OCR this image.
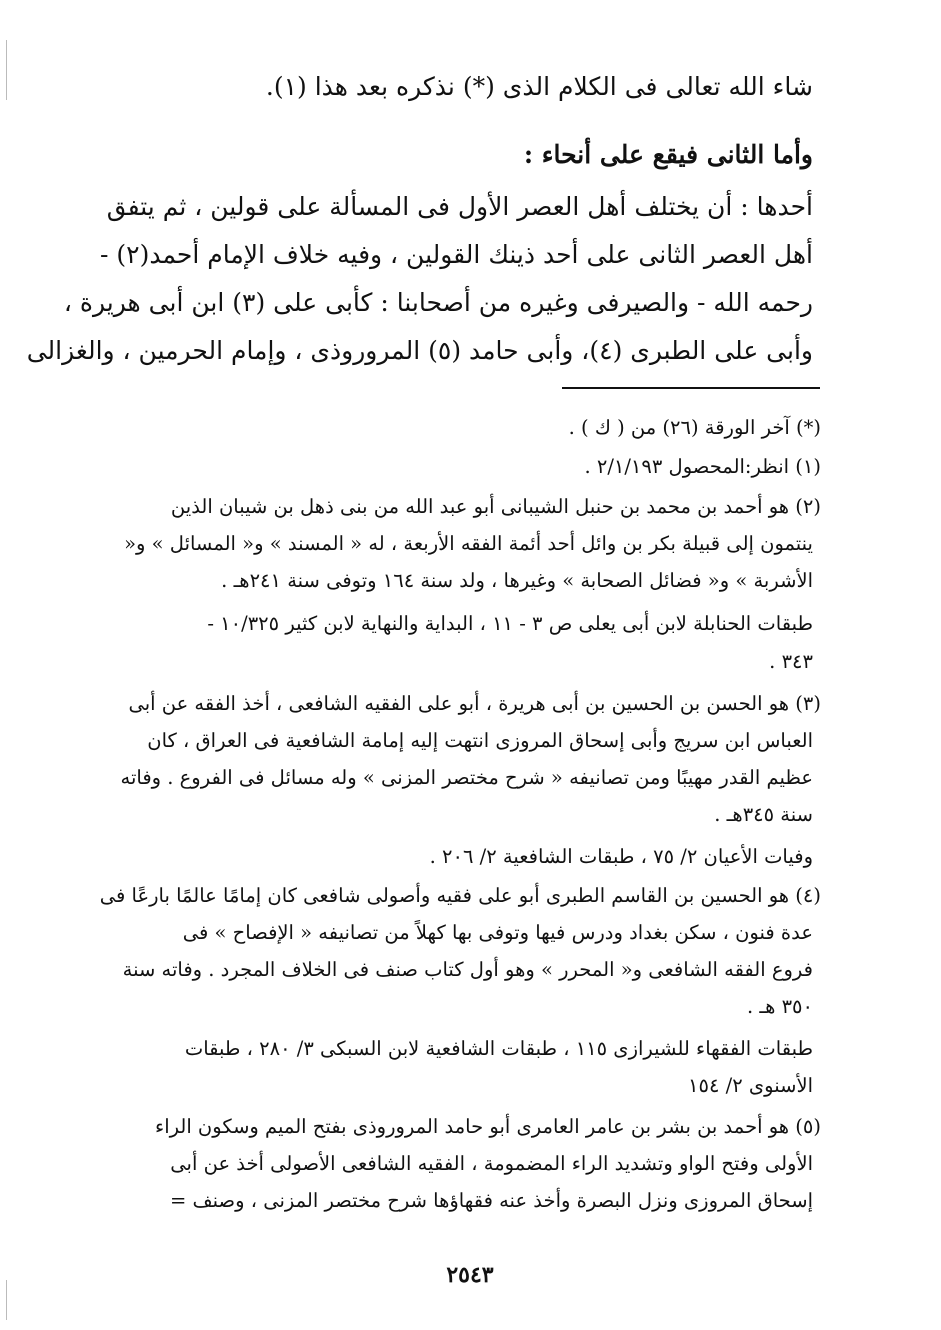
شاء الله تعالى فى الكلام الذى (*) نذكره بعد هذا (١).
وأما الثانى فيقع على أنحاء :
أحدها : أن يختلف أهل العصر الأول فى المسألة على قولين ، ثم يتفق
أهل العصر الثانى على أحد ذينك القولين ، وفيه خلاف الإمام أحمد(٢) -
رحمه الله - والصيرفى وغيره من أصحابنا : كأبى على (٣) ابن أبى هريرة ،
وأبى على الطبرى (٤)، وأبى حامد (٥) المروروذى ، وإمام الحرمين ، والغزالى
(*) آخر الورقة (٢٦) من ( ك ) .
(١) انظر:المحصول ٢/١/١٩٣ .
(٢) هو أحمد بن محمد بن حنبل الشيبانى أبو عبد الله من بنى ذهل بن شيبان الذين
ينتمون إلى قبيلة بكر بن وائل أحد أئمة الفقه الأربعة ، له « المسند » و« المسائل » و«
الأشربة » و« فضائل الصحابة » وغيرها ، ولد سنة ١٦٤ وتوفى سنة ٢٤١هـ .
طبقات الحنابلة لابن أبى يعلى ص ٣ - ١١ ، البداية والنهاية لابن كثير ١٠/٣٢٥ -
٣٤٣ .
(٣) هو الحسن بن الحسين بن أبى هريرة ، أبو على الفقيه الشافعى ، أخذ الفقه عن أبى
العباس ابن سريج وأبى إسحاق المروزى انتهت إليه إمامة الشافعية فى العراق ، كان
عظيم القدر مهيبًا ومن تصانيفه « شرح مختصر المزنى » وله مسائل فى الفروع . وفاته
سنة ٣٤٥هـ .
وفيات الأعيان ٢/ ٧٥ ، طبقات الشافعية ٢/ ٢٠٦ .
(٤) هو الحسين بن القاسم الطبرى أبو على فقيه وأصولى شافعى كان إمامًا عالمًا بارعًا فى
عدة فنون ، سكن بغداد ودرس فيها وتوفى بها كهلاً من تصانيفه « الإفصاح » فى
فروع الفقه الشافعى و« المحرر » وهو أول كتاب صنف فى الخلاف المجرد . وفاته سنة
٣٥٠ هـ .
طبقات الفقهاء للشيرازى ١١٥ ، طبقات الشافعية لابن السبكى ٣/ ٢٨٠ ، طبقات
الأسنوى ٢/ ١٥٤
(٥) هو أحمد بن بشر بن عامر العامرى أبو حامد المروروذى بفتح الميم وسكون الراء
الأولى وفتح الواو وتشديد الراء المضمومة ، الفقيه الشافعى الأصولى أخذ عن أبى
إسحاق المروزى ونزل البصرة وأخذ عنه فقهاؤها شرح مختصر المزنى ، وصنف =
٢٥٤٣
